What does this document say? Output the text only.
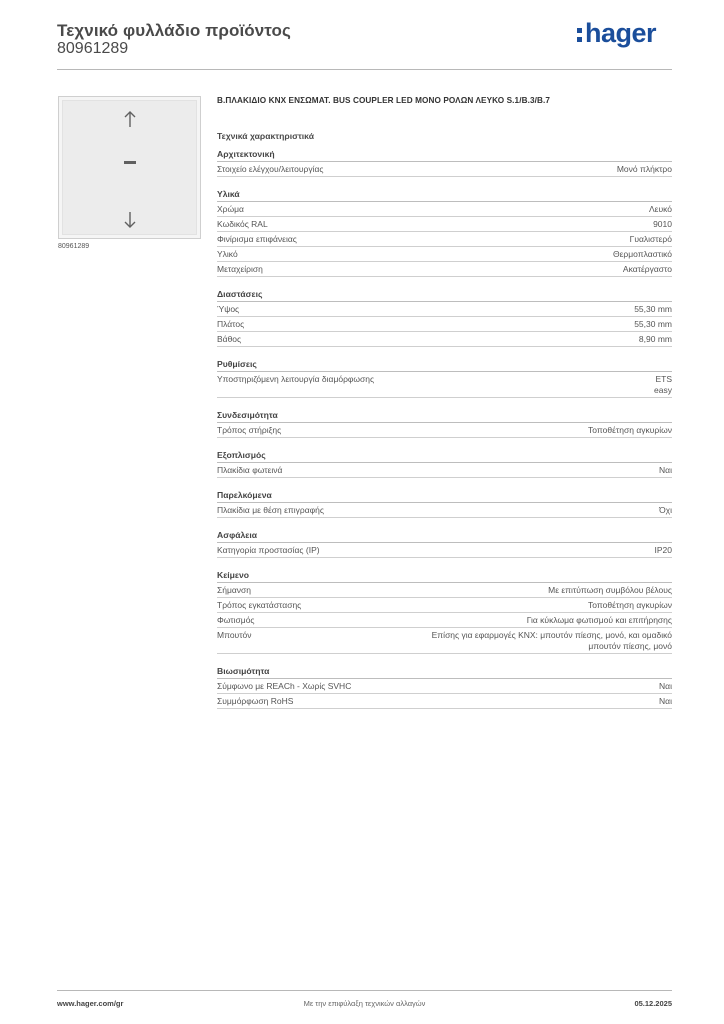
Τεχνικό φυλλάδιο προϊόντος
80961289
hager
80961289
Β.ΠΛΑΚΙΔΙΟ KNX ΕΝΣΩΜΑΤ. BUS COUPLER LED ΜΟΝΟ ΡΟΛΩΝ ΛΕΥΚΟ S.1/B.3/B.7
Τεχνικά χαρακτηριστικά
Αρχιτεκτονική
Στοιχείο ελέγχου/λειτουργίας	Μονό πλήκτρο
Υλικά
Χρώμα	Λευκό
Κωδικός RAL	9010
Φινίρισμα επιφάνειας	Γυαλιστερό
Υλικό	Θερμοπλαστικό
Μεταχείριση	Ακατέργαστο
Διαστάσεις
Ύψος	55,30 mm
Πλάτος	55,30 mm
Βάθος	8,90 mm
Ρυθμίσεις
Υποστηριζόμενη λειτουργία διαμόρφωσης	ETS
easy
Συνδεσιμότητα
Τρόπος στήριξης	Τοποθέτηση αγκυρίων
Εξοπλισμός
Πλακίδια φωτεινά	Ναι
Παρελκόμενα
Πλακίδια με θέση επιγραφής	Όχι
Ασφάλεια
Κατηγορία προστασίας (IP)	IP20
Κείμενο
Σήμανση	Με επιτύπωση συμβόλου βέλους
Τρόπος εγκατάστασης	Τοποθέτηση αγκυρίων
Φωτισμός	Για κύκλωμα φωτισμού και επιτήρησης
Μπουτόν	Επίσης για εφαρμογές KNX: μπουτόν πίεσης, μονό, και ομαδικό
μπουτόν πίεσης, μονό
Βιωσιμότητα
Σύμφωνο με REACh - Χωρίς SVHC	Ναι
Συμμόρφωση RoHS	Ναι
www.hager.com/gr	Με την επιφύλαξη τεχνικών αλλαγών	05.12.2025
